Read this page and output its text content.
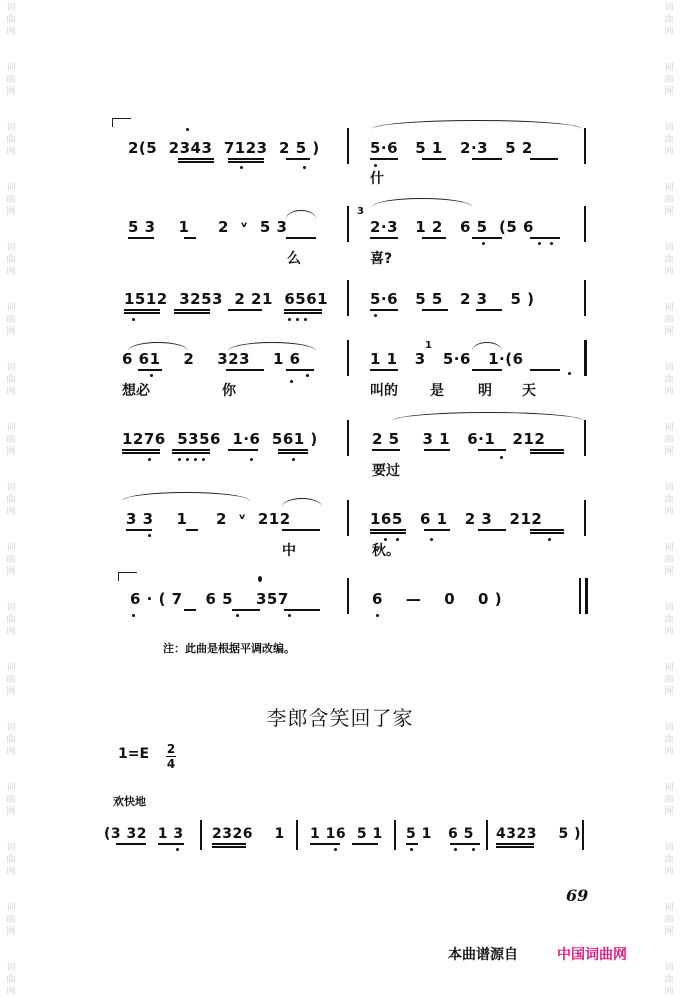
词
曲
网
词
曲
网
词
曲
网
词
曲
网
词
曲
网
词
曲
网
词
曲
网
词
曲
网
词
曲
网
词
曲
网
词
曲
网
词
曲
网
词
曲
网
词
曲
网
词
曲
网
词
曲
网
词
曲
网
词
曲
网
词
曲
网
词
曲
网
词
曲
网
词
曲
网
词
曲
网
词
曲
网
词
曲
网
词
曲
网
词
曲
网
词
曲
网
词
曲
网
词
曲
网
词
曲
网
词
曲
网
词
曲
网
词
曲
网
2(5  2343  7123  2 5 )	5·6   5 1   2·3   5 2
什
5 3    1     2  ᵛ  5 3
3
2·3   1 2   6 5  (5 6
么	喜?
1512  3253  2 21  6561	5·6   5 5   2 3    5 )
6 61    2    323    1 6
1
1 1   3   5·6   1·(6
想必	你	叫的 是 明 天
1276  5356  1·6  561 )	2 5    3 1   6·1   212
要过
3 3    1     2  ᵛ  212	165   6 1   2 3   212
中	秋。
6 · ( 7    6 5    357	6    —    0    0 )
注：此曲是根据平调改编。
李郎含笑回了家
$1=E \frac{2}{4}$
欢快地
(3 32  1 3 2326    1 1 16  5 1 5 1   6 5 4323    5 )
69
本曲谱源自	中国词曲网
